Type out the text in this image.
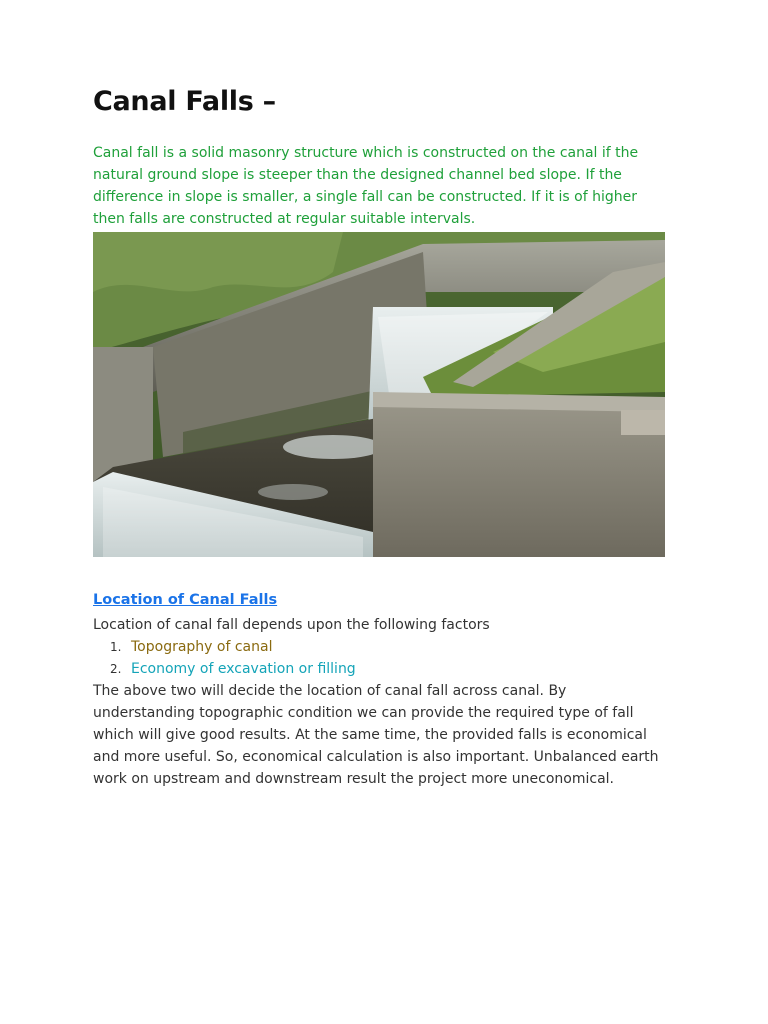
Canal Falls –

Canal fall is a solid masonry structure which is constructed on the canal if the natural ground slope is steeper than the designed channel bed slope. If the difference in slope is smaller, a single fall can be constructed. If it is of higher then falls are constructed at regular suitable intervals.

Location of Canal Falls

Location of canal fall depends upon the following factors

1. Topography of canal
2. Economy of excavation or filling

The above two will decide the location of canal fall across canal. By understanding topographic condition we can provide the required type of fall which will give good results. At the same time, the provided falls is economical and more useful. So, economical calculation is also important. Unbalanced earth work on upstream and downstream result the project more uneconomical.
